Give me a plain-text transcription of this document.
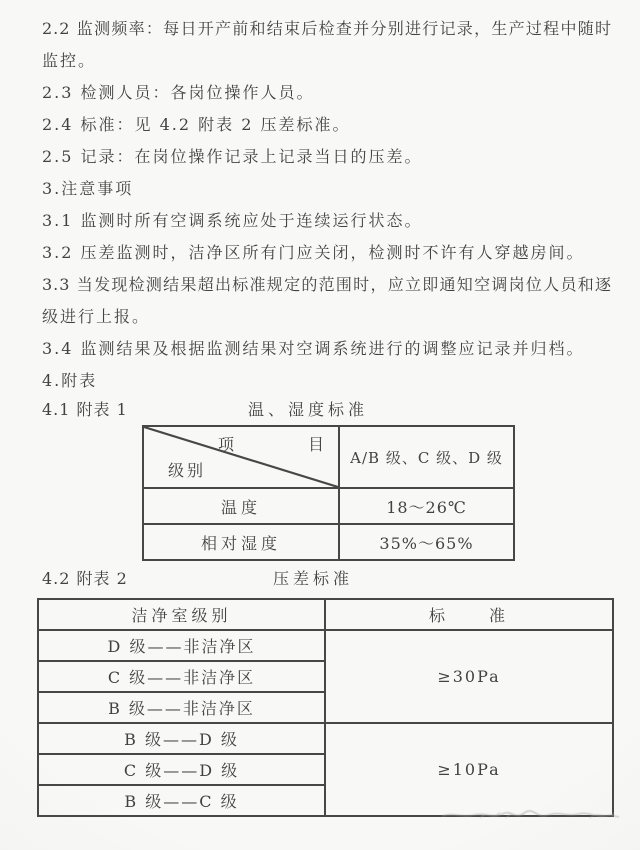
2.2 监测频率：每日开产前和结束后检查并分别进行记录，生产过程中随时
监控。
2.3 检测人员：各岗位操作人员。
2.4 标准：见 4.2 附表 2 压差标准。
2.5 记录：在岗位操作记录上记录当日的压差。
3.注意事项
3.1 监测时所有空调系统应处于连续运行状态。
3.2 压差监测时，洁净区所有门应关闭，检测时不许有人穿越房间。
3.3 当发现检测结果超出标准规定的范围时，应立即通知空调岗位人员和逐
级进行上报。
3.4 监测结果及根据监测结果对空调系统进行的调整应记录并归档。
4.附表
4.1 附表 1	温、湿度标准
项　　　　目
级别	A/B 级、C 级、D 级
温度	18～26℃
相对湿度	35%～65%
4.2 附表 2	压差标准
洁净室级别	标　　准
D 级——非洁净区	≥30Pa
C 级——非洁净区	
B 级——非洁净区	
B 级——D 级	≥10Pa
C 级——D 级	
B 级——C 级	
